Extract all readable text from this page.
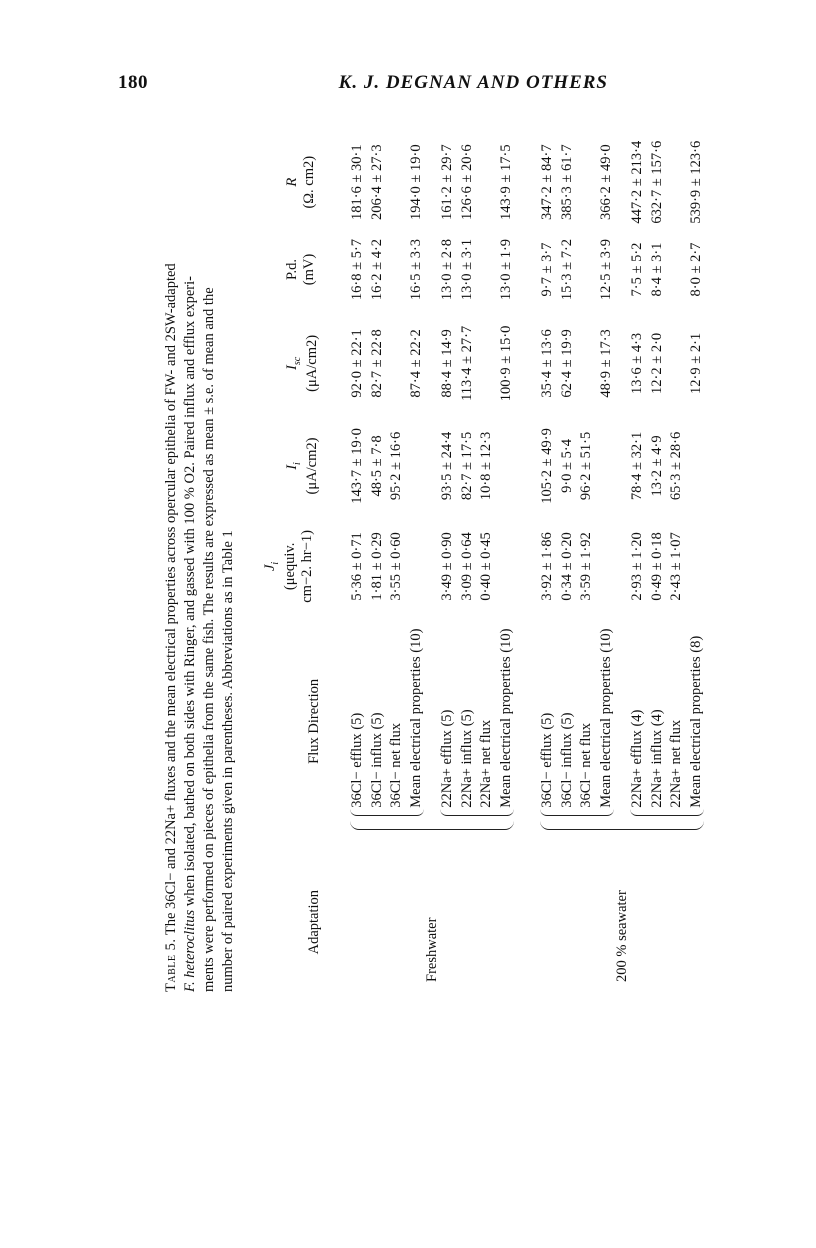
180	K. J. DEGNAN AND OTHERS
Table 5. The 36Cl− and 22Na+ fluxes and the mean electrical properties across opercular epithelia of FW- and 2SW-adapted
F. heteroclitus when isolated, bathed on both sides with Ringer, and gassed with 100 % O2. Paired influx and efflux experi- ments were performed on pieces of epithelia from the same fish. The results are expressed as mean ± s.e. of mean and the number of paired experiments given in parentheses. Abbreviations as in Table 1	Adaptation
Flux Direction
$J_i$ (μequiv. cm−2. hr−1)
$I_i$ (μA/cm2)
$I_{sc}$ (μA/cm2)
P.d. (mV)
R (Ω. cm2)
36Cl− efflux (5)
5·36 ± 0·71
143·7 ± 19·0
92·0 ± 22·1
16·8 ± 5·7
181·6 ± 30·1
36Cl− influx (5)
1·81 ± 0·29
48·5 ± 7·8
82·7 ± 22·8
16·2 ± 4·2
206·4 ± 27·3
36Cl− net flux
3·55 ± 0·60
95·2 ± 16·6
Mean electrical properties (10)
87·4 ± 22·2
16·5 ± 3·3
194·0 ± 19·0
22Na+ efflux (5)
3·49 ± 0·90
93·5 ± 24·4
88·4 ± 14·9
13·0 ± 2·8
161·2 ± 29·7
22Na+ influx (5)
3·09 ± 0·64
82·7 ± 17·5
113·4 ± 27·7
13·0 ± 3·1
126·6 ± 20·6
22Na+ net flux
0·40 ± 0·45
10·8 ± 12·3
Mean electrical properties (10)
100·9 ± 15·0
13·0 ± 1·9
143·9 ± 17·5
Freshwater
36Cl− efflux (5)
3·92 ± 1·86
105·2 ± 49·9
35·4 ± 13·6
9·7 ± 3·7
347·2 ± 84·7
36Cl− influx (5)
0·34 ± 0·20
9·0 ± 5·4
62·4 ± 19·9
15·3 ± 7·2
385·3 ± 61·7
36Cl− net flux
3·59 ± 1·92
96·2 ± 51·5
Mean electrical properties (10)
48·9 ± 17·3
12·5 ± 3·9
366·2 ± 49·0
22Na+ efflux (4)
2·93 ± 1·20
78·4 ± 32·1
13·6 ± 4·3
7·5 ± 5·2
447·2 ± 213·4
22Na+ influx (4)
0·49 ± 0·18
13·2 ± 4·9
12·2 ± 2·0
8·4 ± 3·1
632·7 ± 157·6
22Na+ net flux
2·43 ± 1·07
65·3 ± 28·6
Mean electrical properties (8)
12·9 ± 2·1
8·0 ± 2·7
539·9 ± 123·6
200 % seawater
